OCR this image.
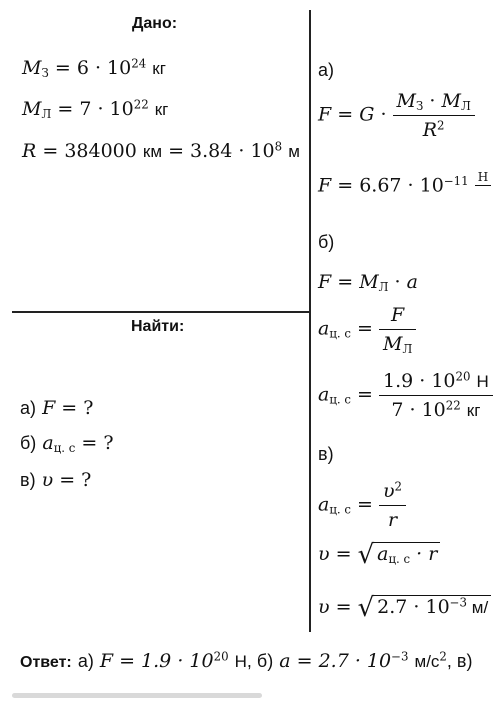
Дано:
$M_З = 6 \cdot 10^{24}$ кг
$M_Л = 7 \cdot 10^{22}$ кг
R = 384000 км = $3.84 \cdot 10^8$ м
Найти:
а) F = ?
б) $a_{ц. с}$ = ?
в) υ = ?
а)
$F = G \cdot \frac{M_З \cdot M_Л}{R^2}$
$F = 6.67 \cdot 10^{-11}$ Н

б)
$F = M_Л \cdot a$
$a_{ц. с} = \frac{F}{M_Л}$
$a_{ц. с} = \frac{1.9 \cdot 10^{20} Н}{7 \cdot 10^{22} кг}$
в)
$a_{ц. с} = \frac{\upsilon^2}{r}$
υ = √ $a_{ц. с} \cdot r$
υ = √ $2.7 \cdot 10^{-3}$ м/
Ответ: а) $F = 1.9 \cdot 10^{20}$ Н, б) $a = 2.7 \cdot 10^{-3}$ $м/с^2$, в)
